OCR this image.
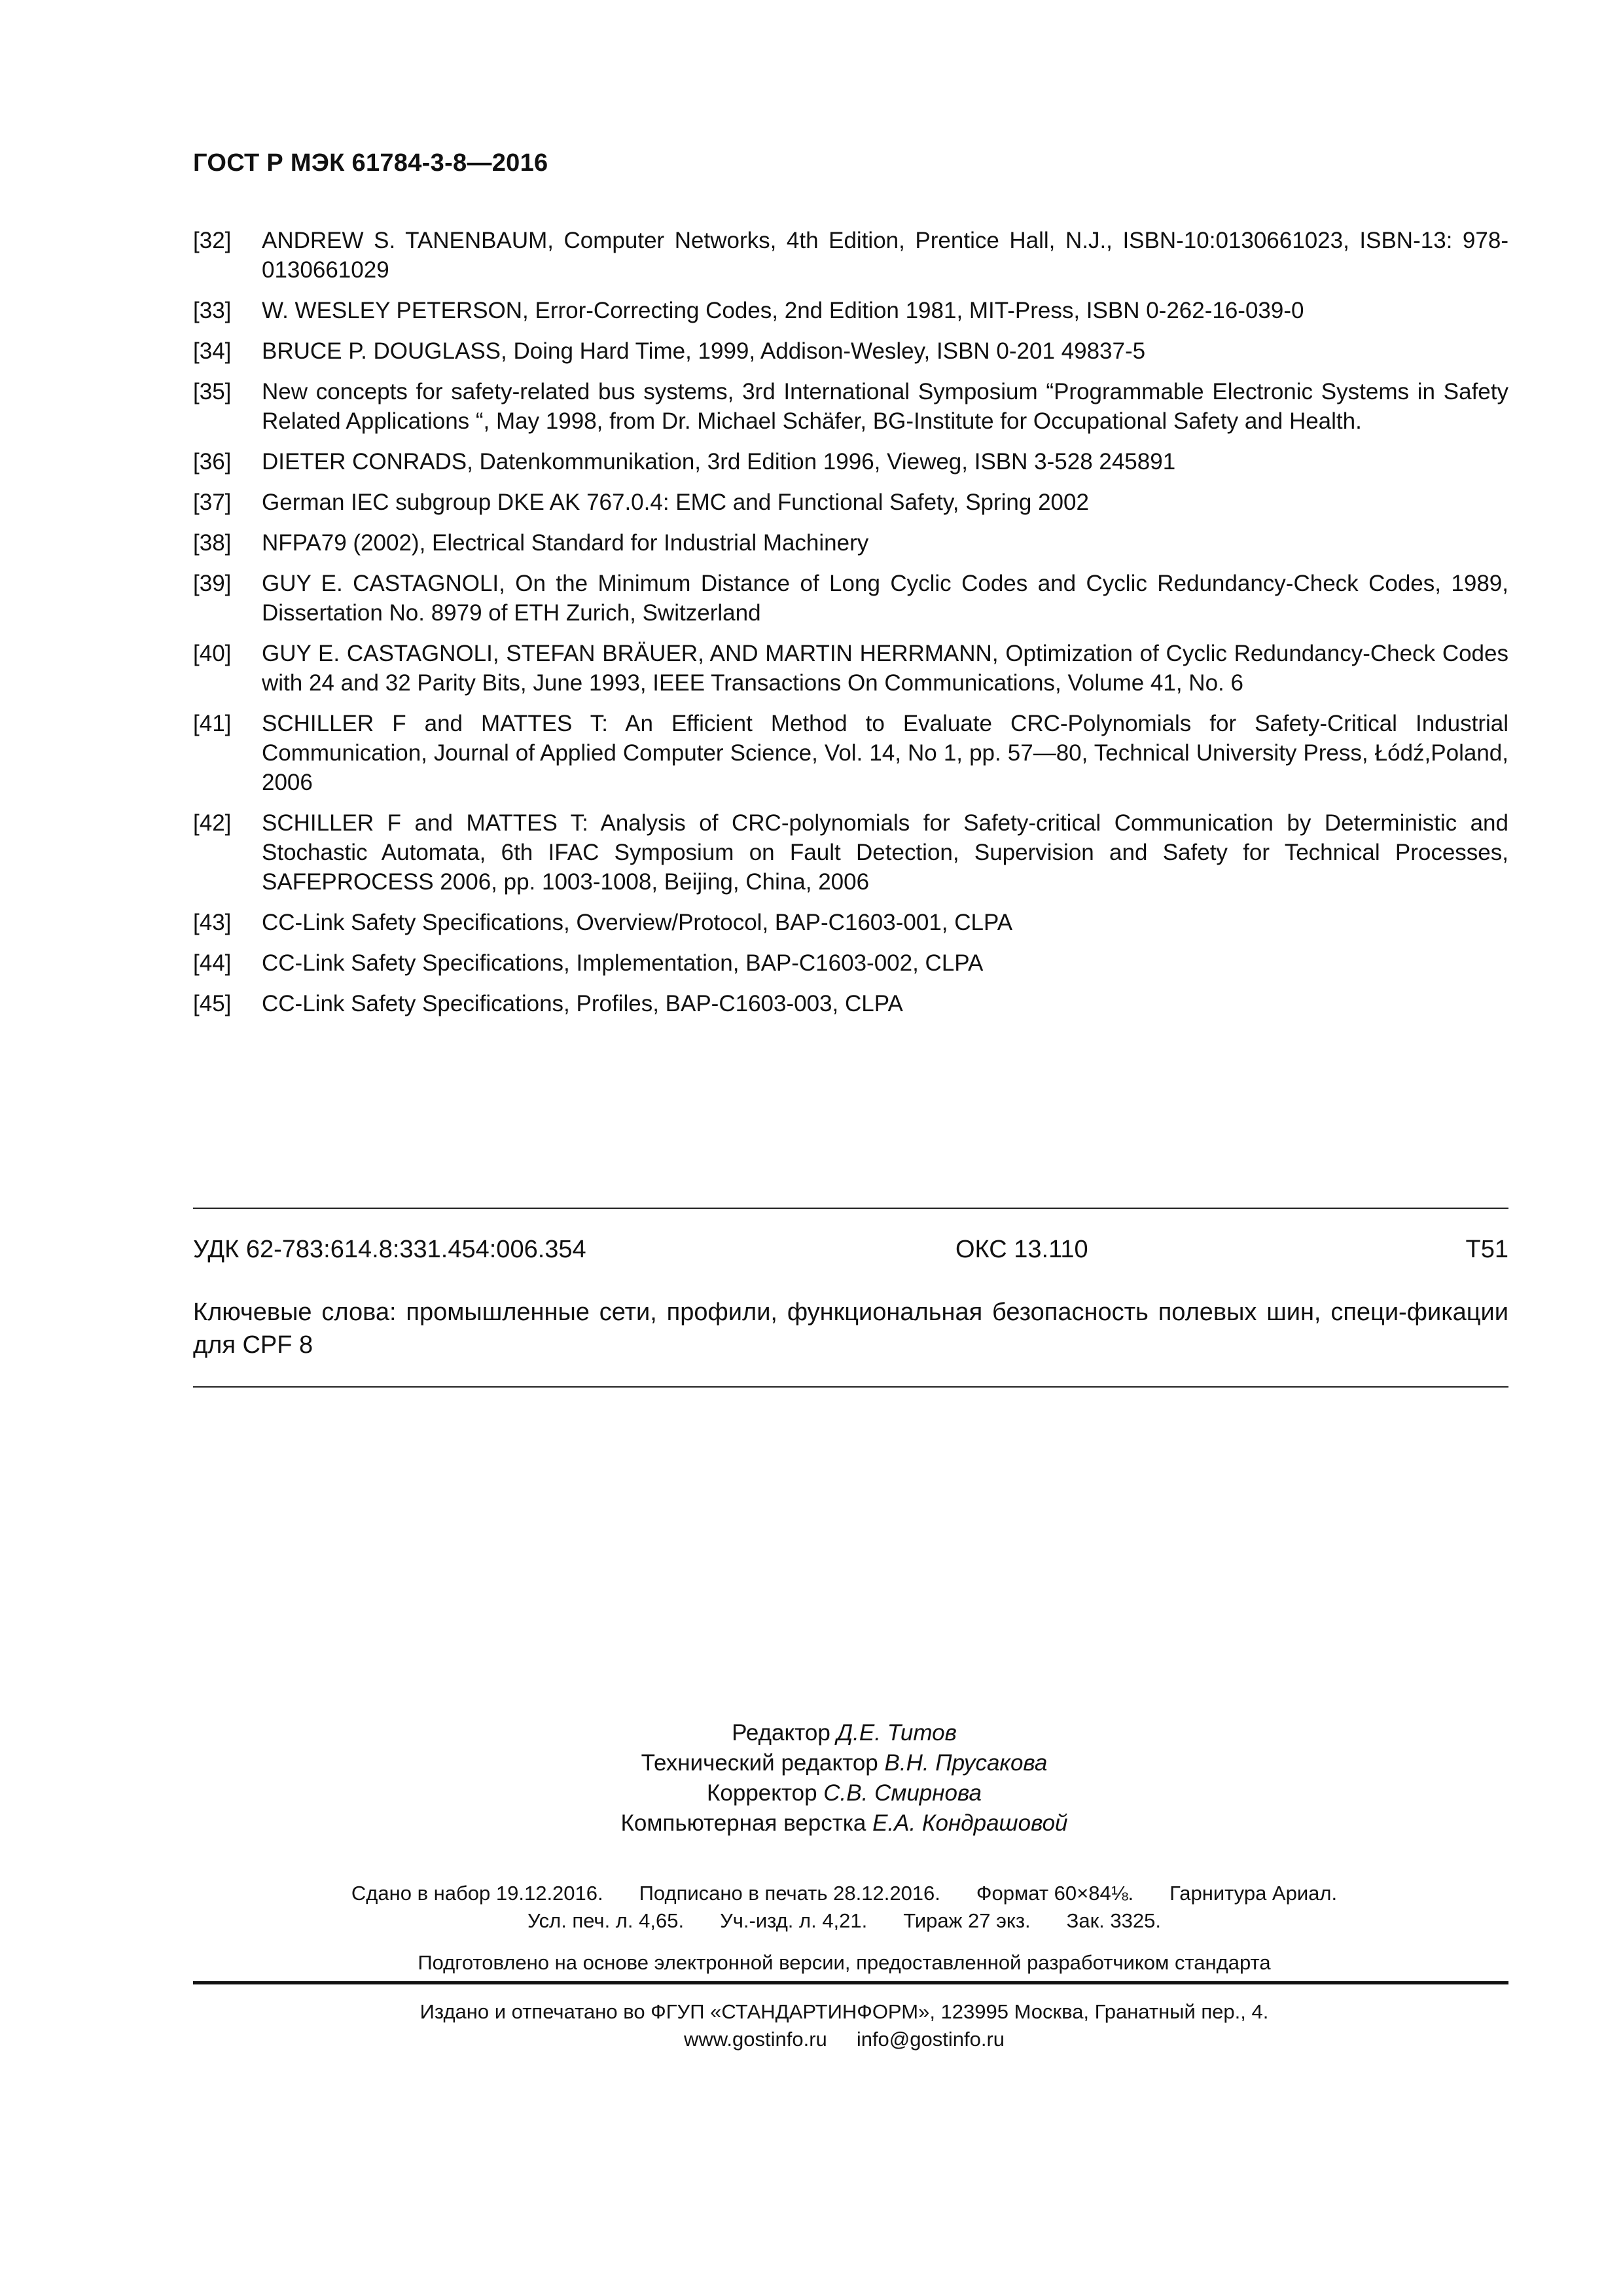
ГОСТ Р МЭК 61784-3-8—2016
[32]	ANDREW S. TANENBAUM, Computer Networks, 4th Edition, Prentice Hall, N.J., ISBN-10:0130661023, ISBN-13: 978-0130661029
[33]	W. WESLEY PETERSON, Error-Correcting Codes, 2nd Edition 1981, MIT-Press, ISBN 0-262-16-039-0
[34]	BRUCE P. DOUGLASS, Doing Hard Time, 1999, Addison-Wesley, ISBN 0-201 49837-5
[35]	New concepts for safety-related bus systems, 3rd International Symposium “Programmable Electronic Systems in Safety Related Applications “, May 1998, from Dr. Michael Schäfer, BG-Institute for Occupational Safety and Health.
[36]	DIETER CONRADS, Datenkommunikation, 3rd Edition 1996, Vieweg, ISBN 3-528 245891
[37]	German IEC subgroup DKE AK 767.0.4: EMC and Functional Safety, Spring 2002
[38]	NFPA79 (2002), Electrical Standard for Industrial Machinery
[39]	GUY E. CASTAGNOLI, On the Minimum Distance of Long Cyclic Codes and Cyclic Redundancy-Check Codes, 1989, Dissertation No. 8979 of ETH Zurich, Switzerland
[40]	GUY E. CASTAGNOLI, STEFAN BRÄUER, AND MARTIN HERRMANN, Optimization of Cyclic Redundancy-Check Codes with 24 and 32 Parity Bits, June 1993, IEEE Transactions On Communications, Volume 41, No. 6
[41]	SCHILLER F and MATTES T: An Efficient Method to Evaluate CRC-Polynomials for Safety-Critical Industrial Communication, Journal of Applied Computer Science, Vol. 14, No 1, pp. 57—80, Technical University Press, Łódź,Poland, 2006
[42]	SCHILLER F and MATTES T: Analysis of CRC-polynomials for Safety-critical Communication by Deterministic and Stochastic Automata, 6th IFAC Symposium on Fault Detection, Supervision and Safety for Technical Processes, SAFEPROCESS 2006, pp. 1003-1008, Beijing, China, 2006
[43]	CC-Link Safety Specifications, Overview/Protocol, BAP-C1603-001, CLPA
[44]	CC-Link Safety Specifications, Implementation, BAP-C1603-002, CLPA
[45]	CC-Link Safety Specifications, Profiles, BAP-C1603-003, CLPA
УДК 62-783:614.8:331.454:006.354	ОКС 13.110	Т51
Ключевые слова: промышленные сети, профили, функциональная безопасность полевых шин, специ-фикации для CPF 8
Редактор Д.Е. Титов
Технический редактор В.Н. Прусакова
Корректор С.В. Смирнова
Компьютерная верстка Е.А. Кондрашовой
Сдано в набор 19.12.2016. Подписано в печать 28.12.2016. Формат 60×84⅛. Гарнитура Ариал.
Усл. печ. л. 4,65. Уч.-изд. л. 4,21. Тираж 27 экз. Зак. 3325.
Подготовлено на основе электронной версии, предоставленной разработчиком стандарта
Издано и отпечатано во ФГУП «СТАНДАРТИНФОРМ», 123995 Москва, Гранатный пер., 4.
www.gostinfo.ru info@gostinfo.ru
